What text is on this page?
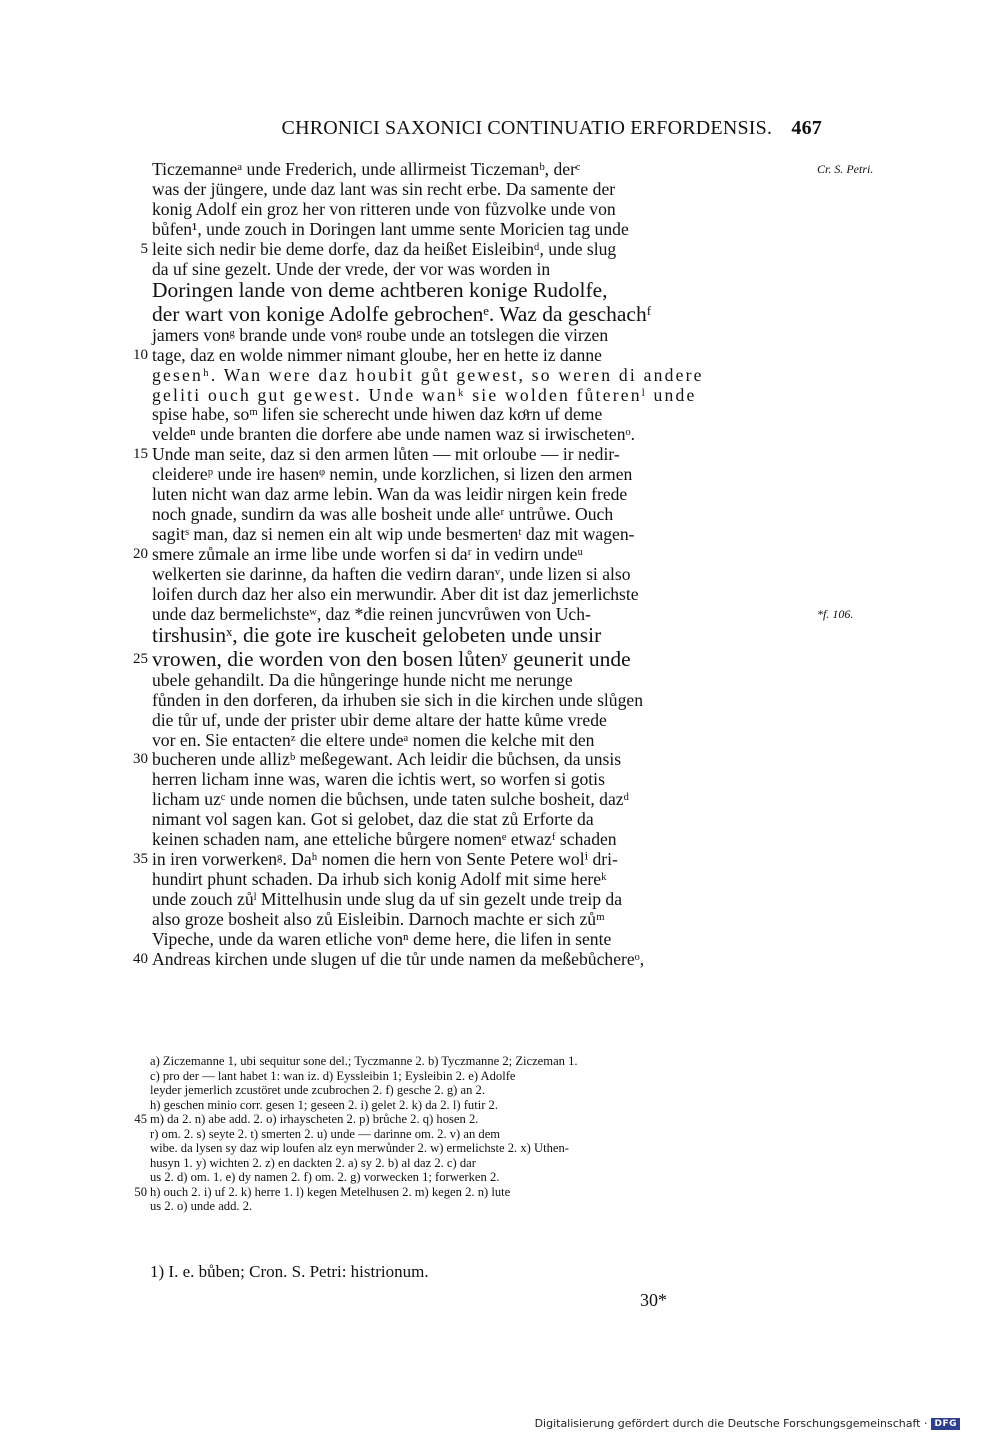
CHRONICI SAXONICI CONTINUATIO ERFORDENSIS. 467
Ticzemanneᵃ unde Frederich, unde allirmeist Ticzemanᵇ, derᶜ	Cr. S. Petri.
was der jüngere, unde daz lant was sin recht erbe. Da samente der
konig Adolf ein groz her von ritteren unde von fůzvolke unde von
bůfen¹, unde zouch in Doringen lant umme sente Moricien tag unde
5 leite sich nedir bie deme dorfe, daz da heißet Eisleibinᵈ, unde slug
da uf sine gezelt. Unde der vrede, der vor was worden in
Doringen lande von deme achtberen konige Rudolfe,
der wart von konige Adolfe gebrochenᵉ. Waz da geschachᶠ
jamers vonᵍ brande unde vonᵍ roube unde an totslegen die virzen
10 tage, daz en wolde nimmer nimant gloube, her en hette iz danne
gesenʰ. Wan were daz houbit gůt gewest, so weren di andere
geliti ouch gut gewest. Unde wanᵏ sie wolden fůterenˡ unde
spise habe, soᵐ lifen sie scherecht unde hiwen daz koͦrn uf deme
veldeⁿ unde branten die dorfere abe unde namen waz si irwischetenᵒ.
15 Unde man seite, daz si den armen lůten — mit orloube — ir nedir-
cleidereᵖ unde ire hasenᵠ nemin, unde korzlichen, si lizen den armen
luten nicht wan daz arme lebin. Wan da was leidir nirgen kein frede
noch gnade, sundirn da was alle bosheit unde alleʳ untrůwe. Ouch
sagitˢ man, daz si nemen ein alt wip unde besmertenᵗ daz mit wagen-
20 smere zůmale an irme libe unde worfen si daʳ in vedirn undeᵘ
welkerten sie darinne, da haften die vedirn daranᵛ, unde lizen si also
loifen durch daz her also ein merwundir. Aber dit ist daz jemerlichste
unde daz bermelichsteʷ, daz *die reinen juncvrůwen von Uch-	*f. 106.
tirshusinˣ, die gote ire kuscheit gelobeten unde unsir
25 vrowen, die worden von den bosen lůtenʸ geunerit unde
ubele gehandilt. Da die hůngeringe hunde nicht me nerunge
fůnden in den dorferen, da irhuben sie sich in die kirchen unde slůgen
die tůr uf, unde der prister ubir deme altare der hatte kůme vrede
vor en. Sie entactenᶻ die eltere undeᵃ nomen die kelche mit den
30 bucheren unde allizᵇ meßegewant. Ach leidir die bůchsen, da unsis
herren licham inne was, waren die ichtis wert, so worfen si gotis
licham uzᶜ unde nomen die bůchsen, unde taten sulche bosheit, dazᵈ
nimant vol sagen kan. Got si gelobet, daz die stat zů Erforte da
keinen schaden nam, ane etteliche bůrgere nomenᵉ etwazᶠ schaden
35 in iren vorwerkenᵍ. Daʰ nomen die hern von Sente Petere wolⁱ dri-
hundirt phunt schaden. Da irhub sich konig Adolf mit sime hereᵏ
unde zouch zůˡ Mittelhusin unde slug da uf sin gezelt unde treip da
also groze bosheit also zů Eisleibin. Darnoch machte er sich zůᵐ
Vipeche, unde da waren etliche vonⁿ deme here, die lifen in sente
40 Andreas kirchen unde slugen uf die tůr unde namen da meßebůchereᵒ,
a) Ziczemanne 1, ubi sequitur sone del.; Tyczmanne 2. b) Tyczmanne 2; Ziczeman 1.
c) pro der — lant habet 1: wan iz. d) Eyssleibin 1; Eysleibin 2. e) Adolfe
leyder jemerlich zcustöret unde zcubrochen 2. f) gesche 2. g) an 2.
h) geschen minio corr. gesen 1; geseen 2. i) gelet 2. k) da 2. l) futir 2.
45 m) da 2. n) abe add. 2. o) irhayscheten 2. p) brůche 2. q) hosen 2.
r) om. 2. s) seyte 2. t) smerten 2. u) unde — darinne om. 2. v) an dem
wibe. da lysen sy daz wip loufen alz eyn merwůnder 2. w) ermelichste 2. x) Uthen-
husyn 1. y) wichten 2. z) en dackten 2. a) sy 2. b) al daz 2. c) dar
us 2. d) om. 1. e) dy namen 2. f) om. 2. g) vorwecken 1; forwerken 2.
50 h) ouch 2. i) uf 2. k) herre 1. l) kegen Metelhusen 2. m) kegen 2. n) lute
us 2. o) unde add. 2.
1) I. e. bůben; Cron. S. Petri: histrionum.
30*
Digitalisierung gefördert durch die Deutsche Forschungsgemeinschaft · DFG
